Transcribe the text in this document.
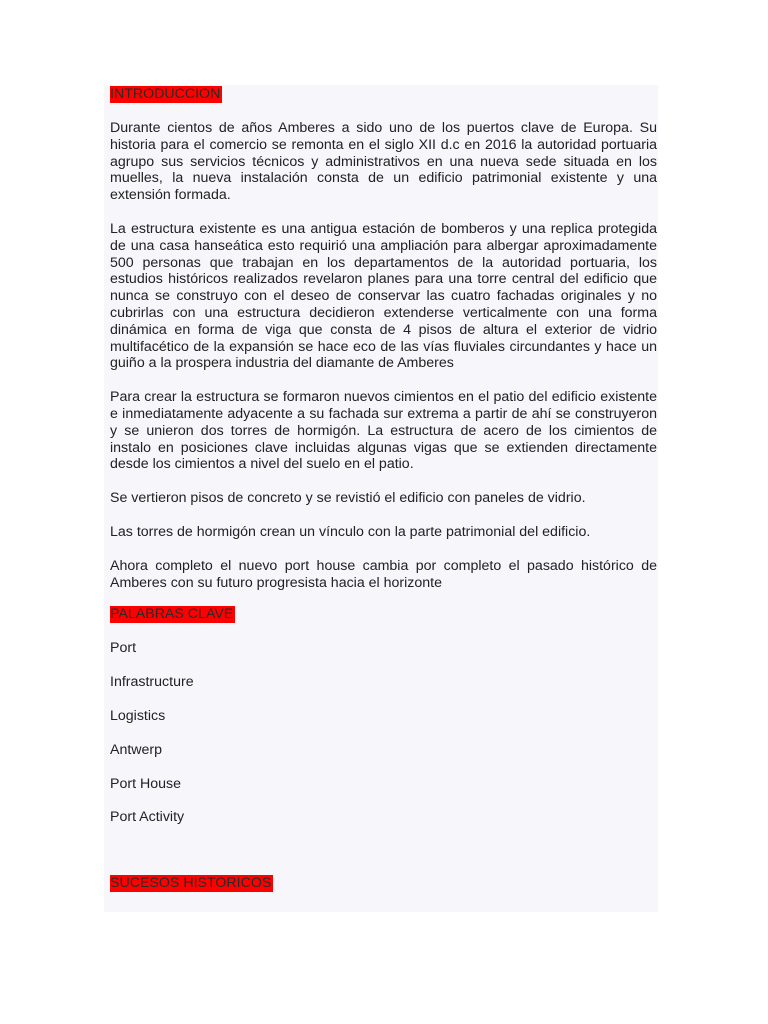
INTRODUCCION

Durante cientos de años Amberes a sido uno de los puertos clave de Europa. Su historia para el comercio se remonta en el siglo XII d.c en 2016 la autoridad portuaria agrupo sus servicios técnicos y administrativos en una nueva sede situada en los muelles, la nueva instalación consta de un edificio patrimonial existente y una extensión formada.

La estructura existente es una antigua estación de bomberos y una replica protegida de una casa hanseática esto requirió una ampliación para albergar aproximadamente 500 personas que trabajan en los departamentos de la autoridad portuaria, los estudios históricos realizados revelaron planes para una torre central del edificio que nunca se construyo con el deseo de conservar las cuatro fachadas originales y no cubrirlas con una estructura decidieron extenderse verticalmente con una forma dinámica en forma de viga que consta de 4 pisos de altura el exterior de vidrio multifacético de la expansión se hace eco de las vías fluviales circundantes y hace un guiño a la prospera industria del diamante de Amberes

Para crear la estructura se formaron nuevos cimientos en el patio del edificio existente e inmediatamente adyacente a su fachada sur extrema a partir de ahí se construyeron y se unieron dos torres de hormigón. La estructura de acero de los cimientos de instalo en posiciones clave incluidas algunas vigas que se extienden directamente desde los cimientos a nivel del suelo en el patio.

Se vertieron pisos de concreto y se revistió el edificio con paneles de vidrio.

Las torres de hormigón crean un vínculo con la parte patrimonial del edificio.

Ahora completo el nuevo port house cambia por completo el pasado histórico de Amberes con su futuro progresista hacia el horizonte

PALABRAS CLAVE
Port
Infrastructure
Logistics
Antwerp
Port House
Port Activity
SUCESOS HISTORICOS
